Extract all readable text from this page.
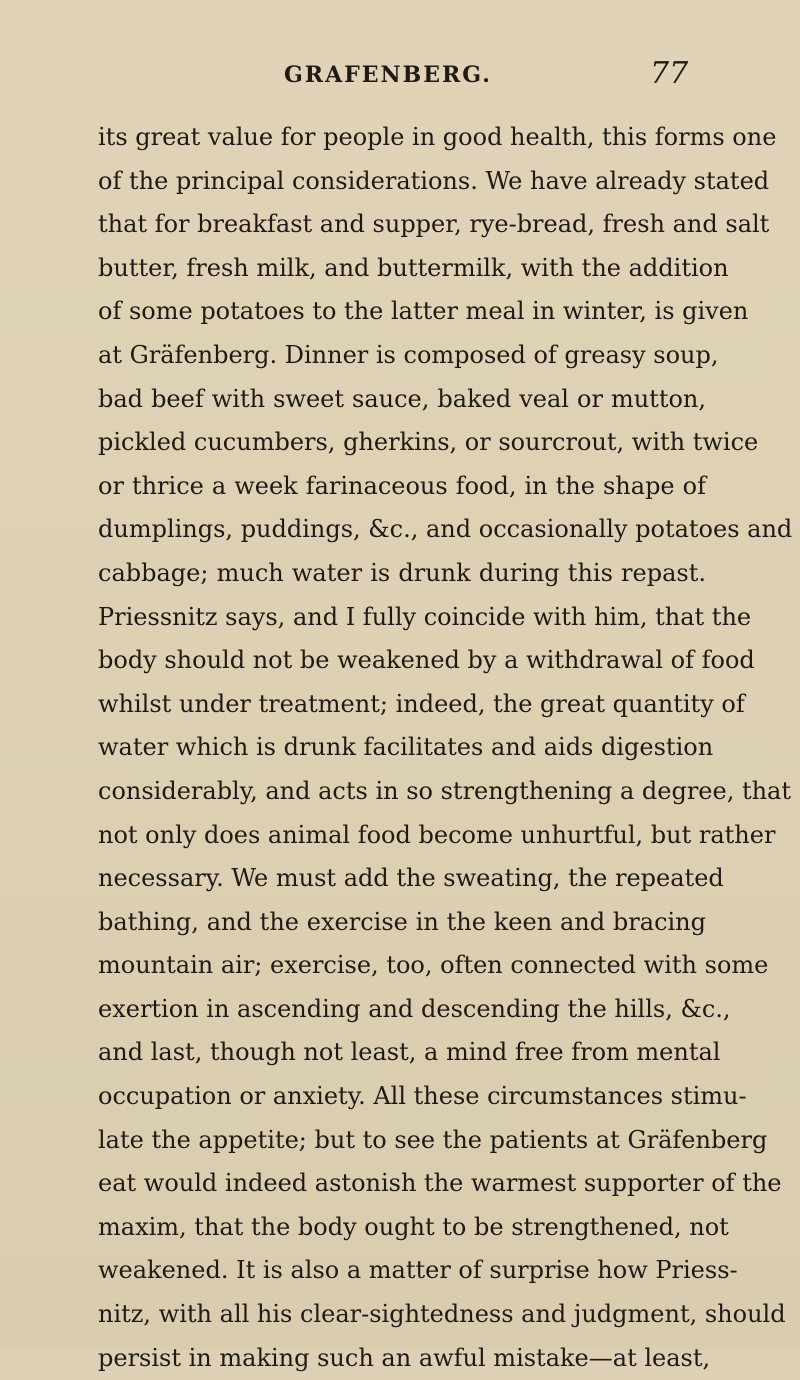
GRAFENBERG.	77
its great value for people in good health, this forms one
of the principal considerations. We have already stated
that for breakfast and supper, rye-bread, fresh and salt
butter, fresh milk, and buttermilk, with the addition
of some potatoes to the latter meal in winter, is given
at Gräfenberg. Dinner is composed of greasy soup,
bad beef with sweet sauce, baked veal or mutton,
pickled cucumbers, gherkins, or sourcrout, with twice
or thrice a week farinaceous food, in the shape of
dumplings, puddings, &c., and occasionally potatoes and
cabbage; much water is drunk during this repast.
Priessnitz says, and I fully coincide with him, that the
body should not be weakened by a withdrawal of food
whilst under treatment; indeed, the great quantity of
water which is drunk facilitates and aids digestion
considerably, and acts in so strengthening a degree, that
not only does animal food become unhurtful, but rather
necessary. We must add the sweating, the repeated
bathing, and the exercise in the keen and bracing
mountain air; exercise, too, often connected with some
exertion in ascending and descending the hills, &c.,
and last, though not least, a mind free from mental
occupation or anxiety. All these circumstances stimu-
late the appetite; but to see the patients at Gräfenberg
eat would indeed astonish the warmest supporter of the
maxim, that the body ought to be strengthened, not
weakened. It is also a matter of surprise how Priess-
nitz, with all his clear-sightedness and judgment, should
persist in making such an awful mistake—at least,
